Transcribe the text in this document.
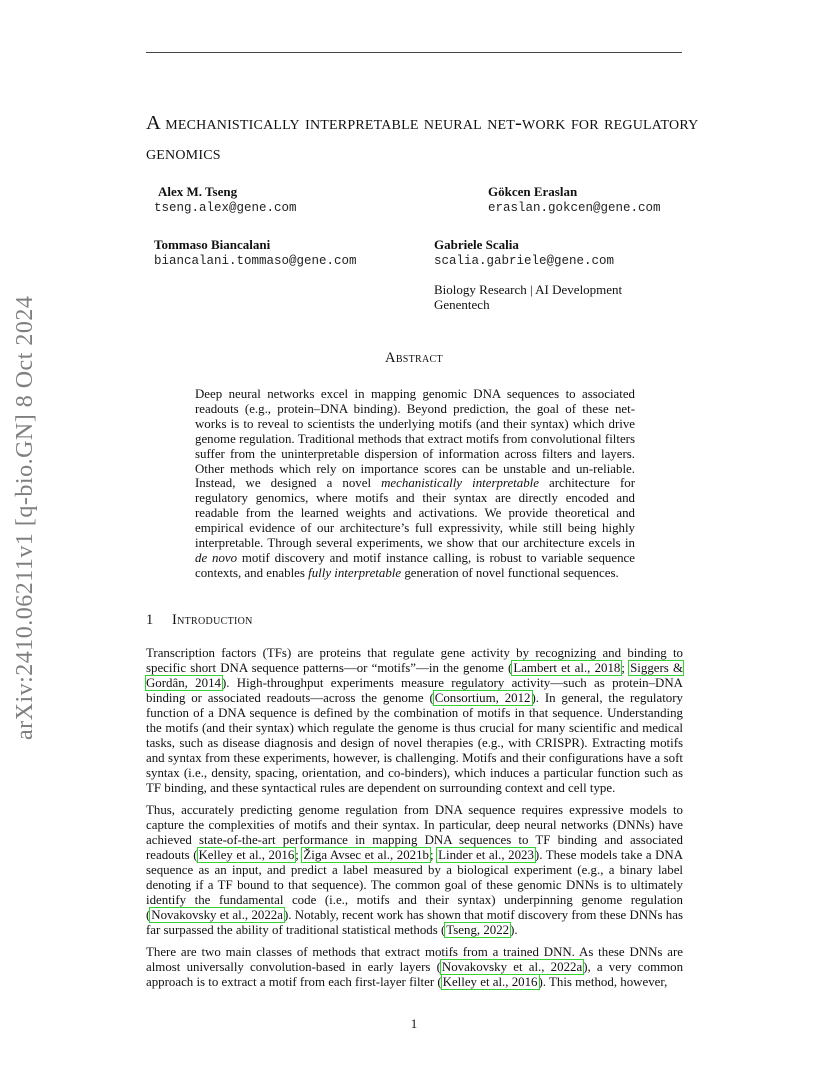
arXiv:2410.06211v1 [q-bio.GN] 8 Oct 2024
A mechanistically interpretable neural net-work for regulatory genomics
Alex M. Tseng
tseng.alex@gene.com
Gökcen Eraslan
eraslan.gokcen@gene.com
Tommaso Biancalani
biancalani.tommaso@gene.com
Gabriele Scalia
scalia.gabriele@gene.com
Biology Research | AI Development
Genentech
Abstract
Deep neural networks excel in mapping genomic DNA sequences to associated readouts (e.g., protein–DNA binding). Beyond prediction, the goal of these net-works is to reveal to scientists the underlying motifs (and their syntax) which drive genome regulation. Traditional methods that extract motifs from convolutional filters suffer from the uninterpretable dispersion of information across filters and layers. Other methods which rely on importance scores can be unstable and un-reliable. Instead, we designed a novel mechanistically interpretable architecture for regulatory genomics, where motifs and their syntax are directly encoded and readable from the learned weights and activations. We provide theoretical and empirical evidence of our architecture’s full expressivity, while still being highly interpretable. Through several experiments, we show that our architecture excels in de novo motif discovery and motif instance calling, is robust to variable sequence contexts, and enables fully interpretable generation of novel functional sequences.
1 Introduction
Transcription factors (TFs) are proteins that regulate gene activity by recognizing and binding to specific short DNA sequence patterns—or “motifs”—in the genome (Lambert et al., 2018; Siggers & Gordân, 2014). High-throughput experiments measure regulatory activity—such as protein–DNA binding or associated readouts—across the genome (Consortium, 2012). In general, the regulatory function of a DNA sequence is defined by the combination of motifs in that sequence. Understanding the motifs (and their syntax) which regulate the genome is thus crucial for many scientific and medical tasks, such as disease diagnosis and design of novel therapies (e.g., with CRISPR). Extracting motifs and syntax from these experiments, however, is challenging. Motifs and their configurations have a soft syntax (i.e., density, spacing, orientation, and co-binders), which induces a particular function such as TF binding, and these syntactical rules are dependent on surrounding context and cell type.
Thus, accurately predicting genome regulation from DNA sequence requires expressive models to capture the complexities of motifs and their syntax. In particular, deep neural networks (DNNs) have achieved state-of-the-art performance in mapping DNA sequences to TF binding and associated readouts (Kelley et al., 2016; Žiga Avsec et al., 2021b; Linder et al., 2023). These models take a DNA sequence as an input, and predict a label measured by a biological experiment (e.g., a binary label denoting if a TF bound to that sequence). The common goal of these genomic DNNs is to ultimately identify the fundamental code (i.e., motifs and their syntax) underpinning genome regulation (Novakovsky et al., 2022a). Notably, recent work has shown that motif discovery from these DNNs has far surpassed the ability of traditional statistical methods (Tseng, 2022).
There are two main classes of methods that extract motifs from a trained DNN. As these DNNs are almost universally convolution-based in early layers (Novakovsky et al., 2022a), a very common approach is to extract a motif from each first-layer filter (Kelley et al., 2016). This method, however,
1
